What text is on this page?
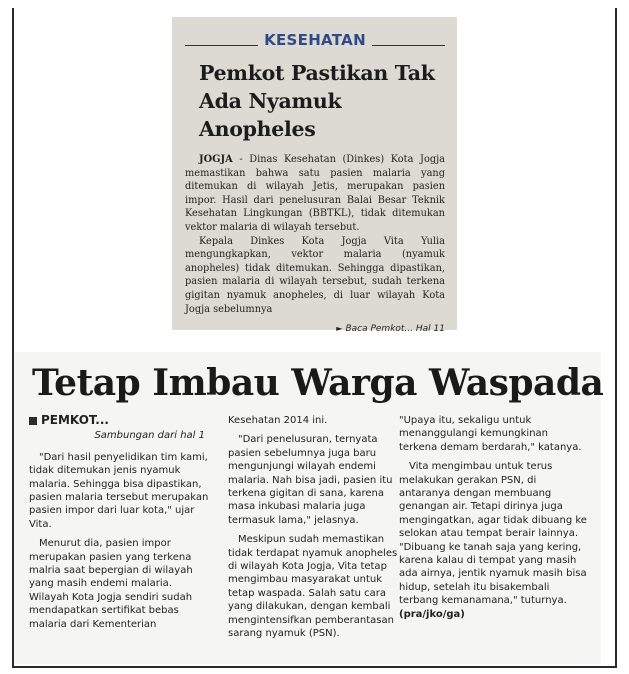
KESEHATAN
Pemkot Pastikan Tak Ada Nyamuk Anopheles

JOGJA - Dinas Kesehatan (Dinkes) Kota Jogja memastikan bahwa satu pasien malaria yang ditemukan di wilayah Jetis, merupakan pasien impor. Hasil dari penelusuran Balai Besar Teknik Kesehatan Lingkungan (BBTKL), tidak ditemukan vektor malaria di wilayah tersebut.

Kepala Dinkes Kota Jogja Vita Yulia mengungkapkan, vektor malaria (nyamuk anopheles) tidak ditemukan. Sehingga dipastikan, pasien malaria di wilayah tersebut, sudah terkena gigitan nyamuk anopheles, di luar wilayah Kota Jogja sebelumnya

► Baca Pemkot... Hal 11
Tetap Imbau Warga Waspada
PEMKOT...
Sambungan dari hal 1

"Dari hasil penyelidikan tim kami, tidak ditemukan jenis nyamuk malaria. Sehingga bisa dipastikan, pasien malaria tersebut merupakan pasien impor dari luar kota," ujar Vita.

Menurut dia, pasien impor merupakan pasien yang terkena malria saat bepergian di wilayah yang masih endemi malaria. Wilayah Kota Jogja sendiri sudah mendapatkan sertifikat bebas malaria dari Kementerian

Kesehatan 2014 ini.

"Dari penelusuran, ternyata pasien sebelumnya juga baru mengunjungi wilayah endemi malaria. Nah bisa jadi, pasien itu terkena gigitan di sana, karena masa inkubasi malaria juga termasuk lama," jelasnya.

Meskipun sudah memastikan tidak terdapat nyamuk anopheles di wilayah Kota Jogja, Vita tetap mengimbau masyarakat untuk tetap waspada. Salah satu cara yang dilakukan, dengan kembali mengintensifkan pemberantasan sarang nyamuk (PSN).

"Upaya itu, sekaligu untuk menanggulangi kemungkinan terkena demam berdarah," katanya.

Vita mengimbau untuk terus melakukan gerakan PSN, di antaranya dengan membuang genangan air. Tetapi dirinya juga mengingatkan, agar tidak dibuang ke selokan atau tempat berair lainnya. "Dibuang ke tanah saja yang kering, karena kalau di tempat yang masih ada airnya, jentik nyamuk masih bisa hidup, setelah itu bisakembali terbang kemanamana," tuturnya. (pra/jko/ga)
